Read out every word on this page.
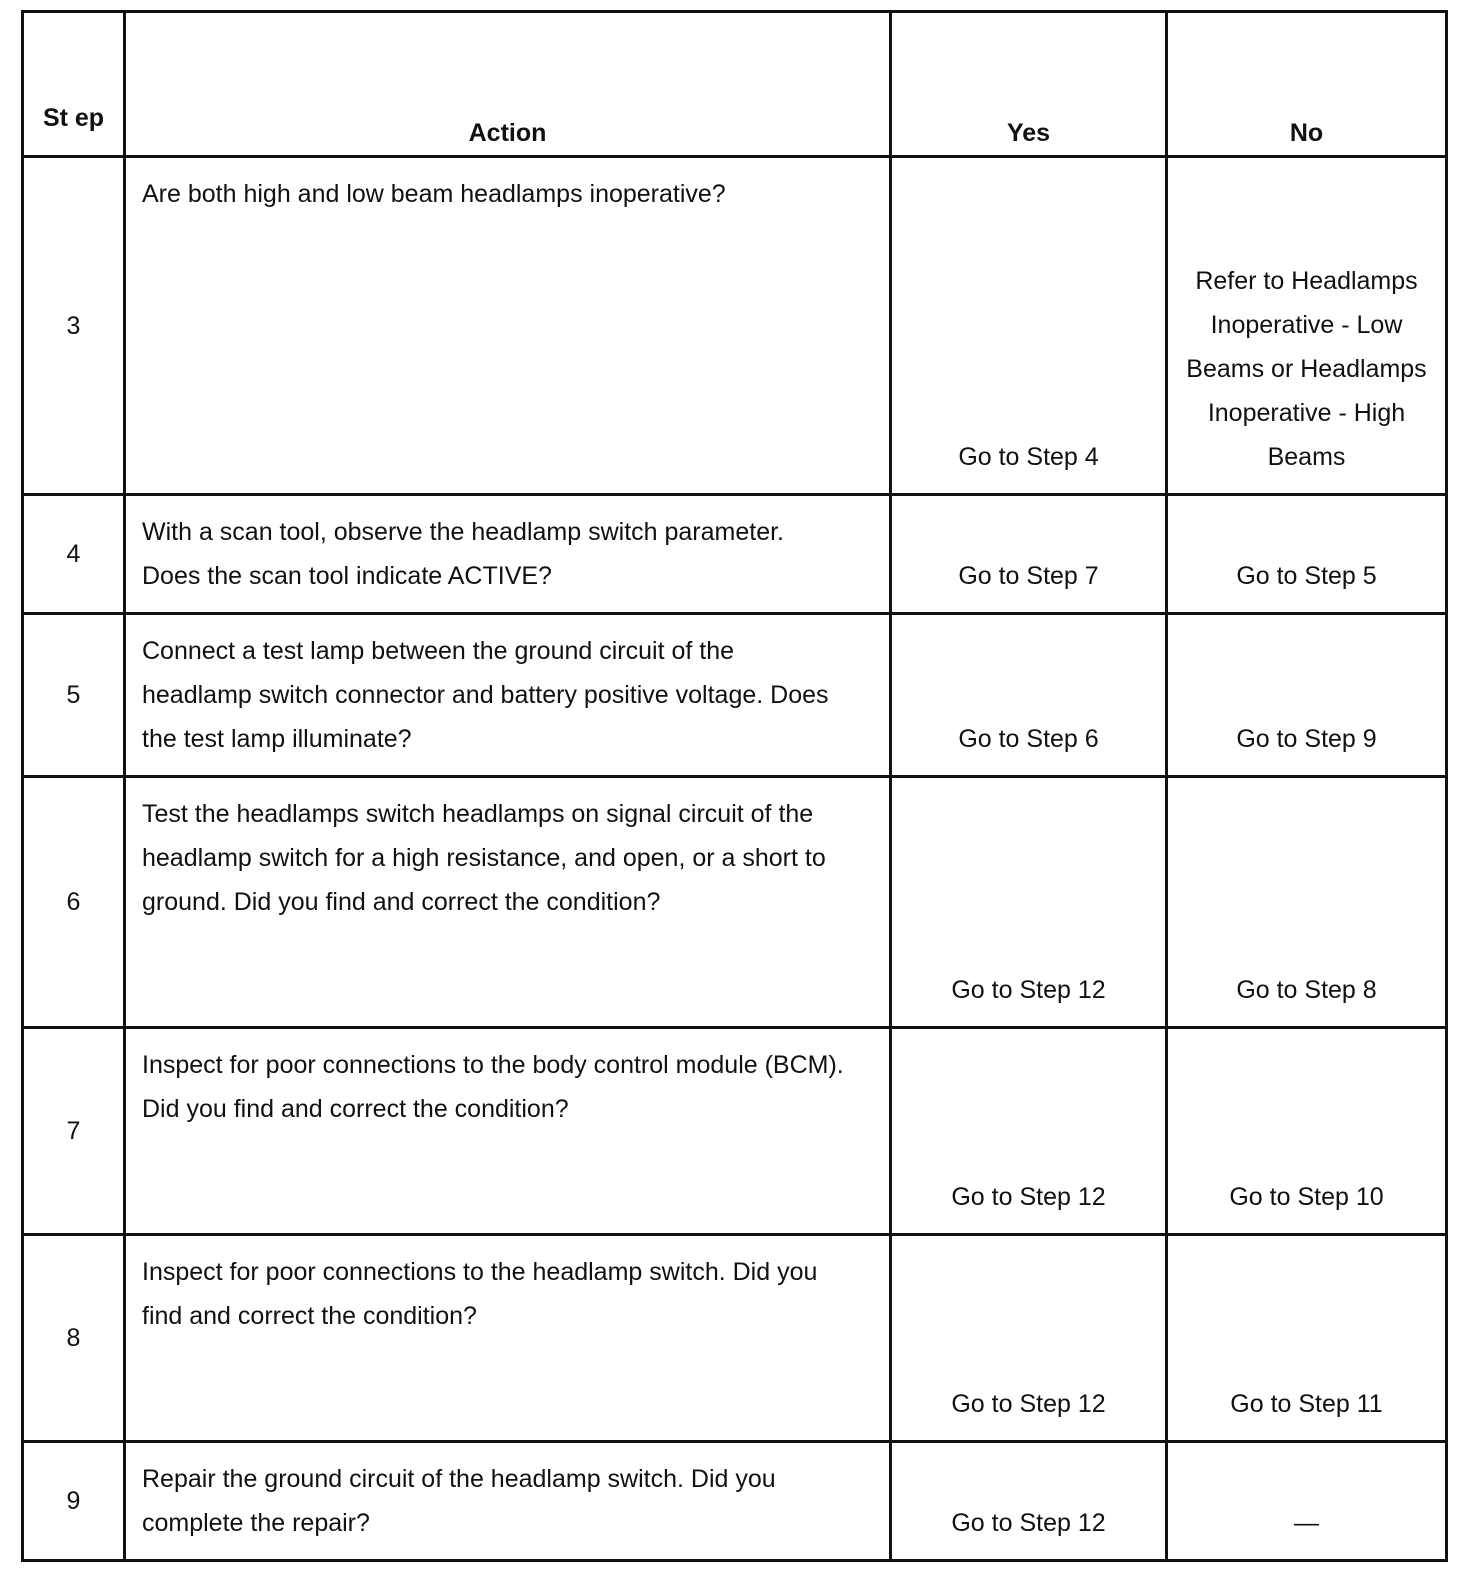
St ep	Action	Yes	No
3	Are both high and low beam headlamps inoperative?	Go to Step 4	Refer to Headlamps Inoperative - Low Beams or Headlamps Inoperative - High Beams
4	With a scan tool, observe the headlamp switch parameter. Does the scan tool indicate ACTIVE?	Go to Step 7	Go to Step 5
5	Connect a test lamp between the ground circuit of the headlamp switch connector and battery positive voltage. Does the test lamp illuminate?	Go to Step 6	Go to Step 9
6	Test the headlamps switch headlamps on signal circuit of the headlamp switch for a high resistance, and open, or a short to ground. Did you find and correct the condition?	Go to Step 12	Go to Step 8
7	Inspect for poor connections to the body control module (BCM). Did you find and correct the condition?	Go to Step 12	Go to Step 10
8	Inspect for poor connections to the headlamp switch. Did you find and correct the condition?	Go to Step 12	Go to Step 11
9	Repair the ground circuit of the headlamp switch. Did you complete the repair?	Go to Step 12	—
